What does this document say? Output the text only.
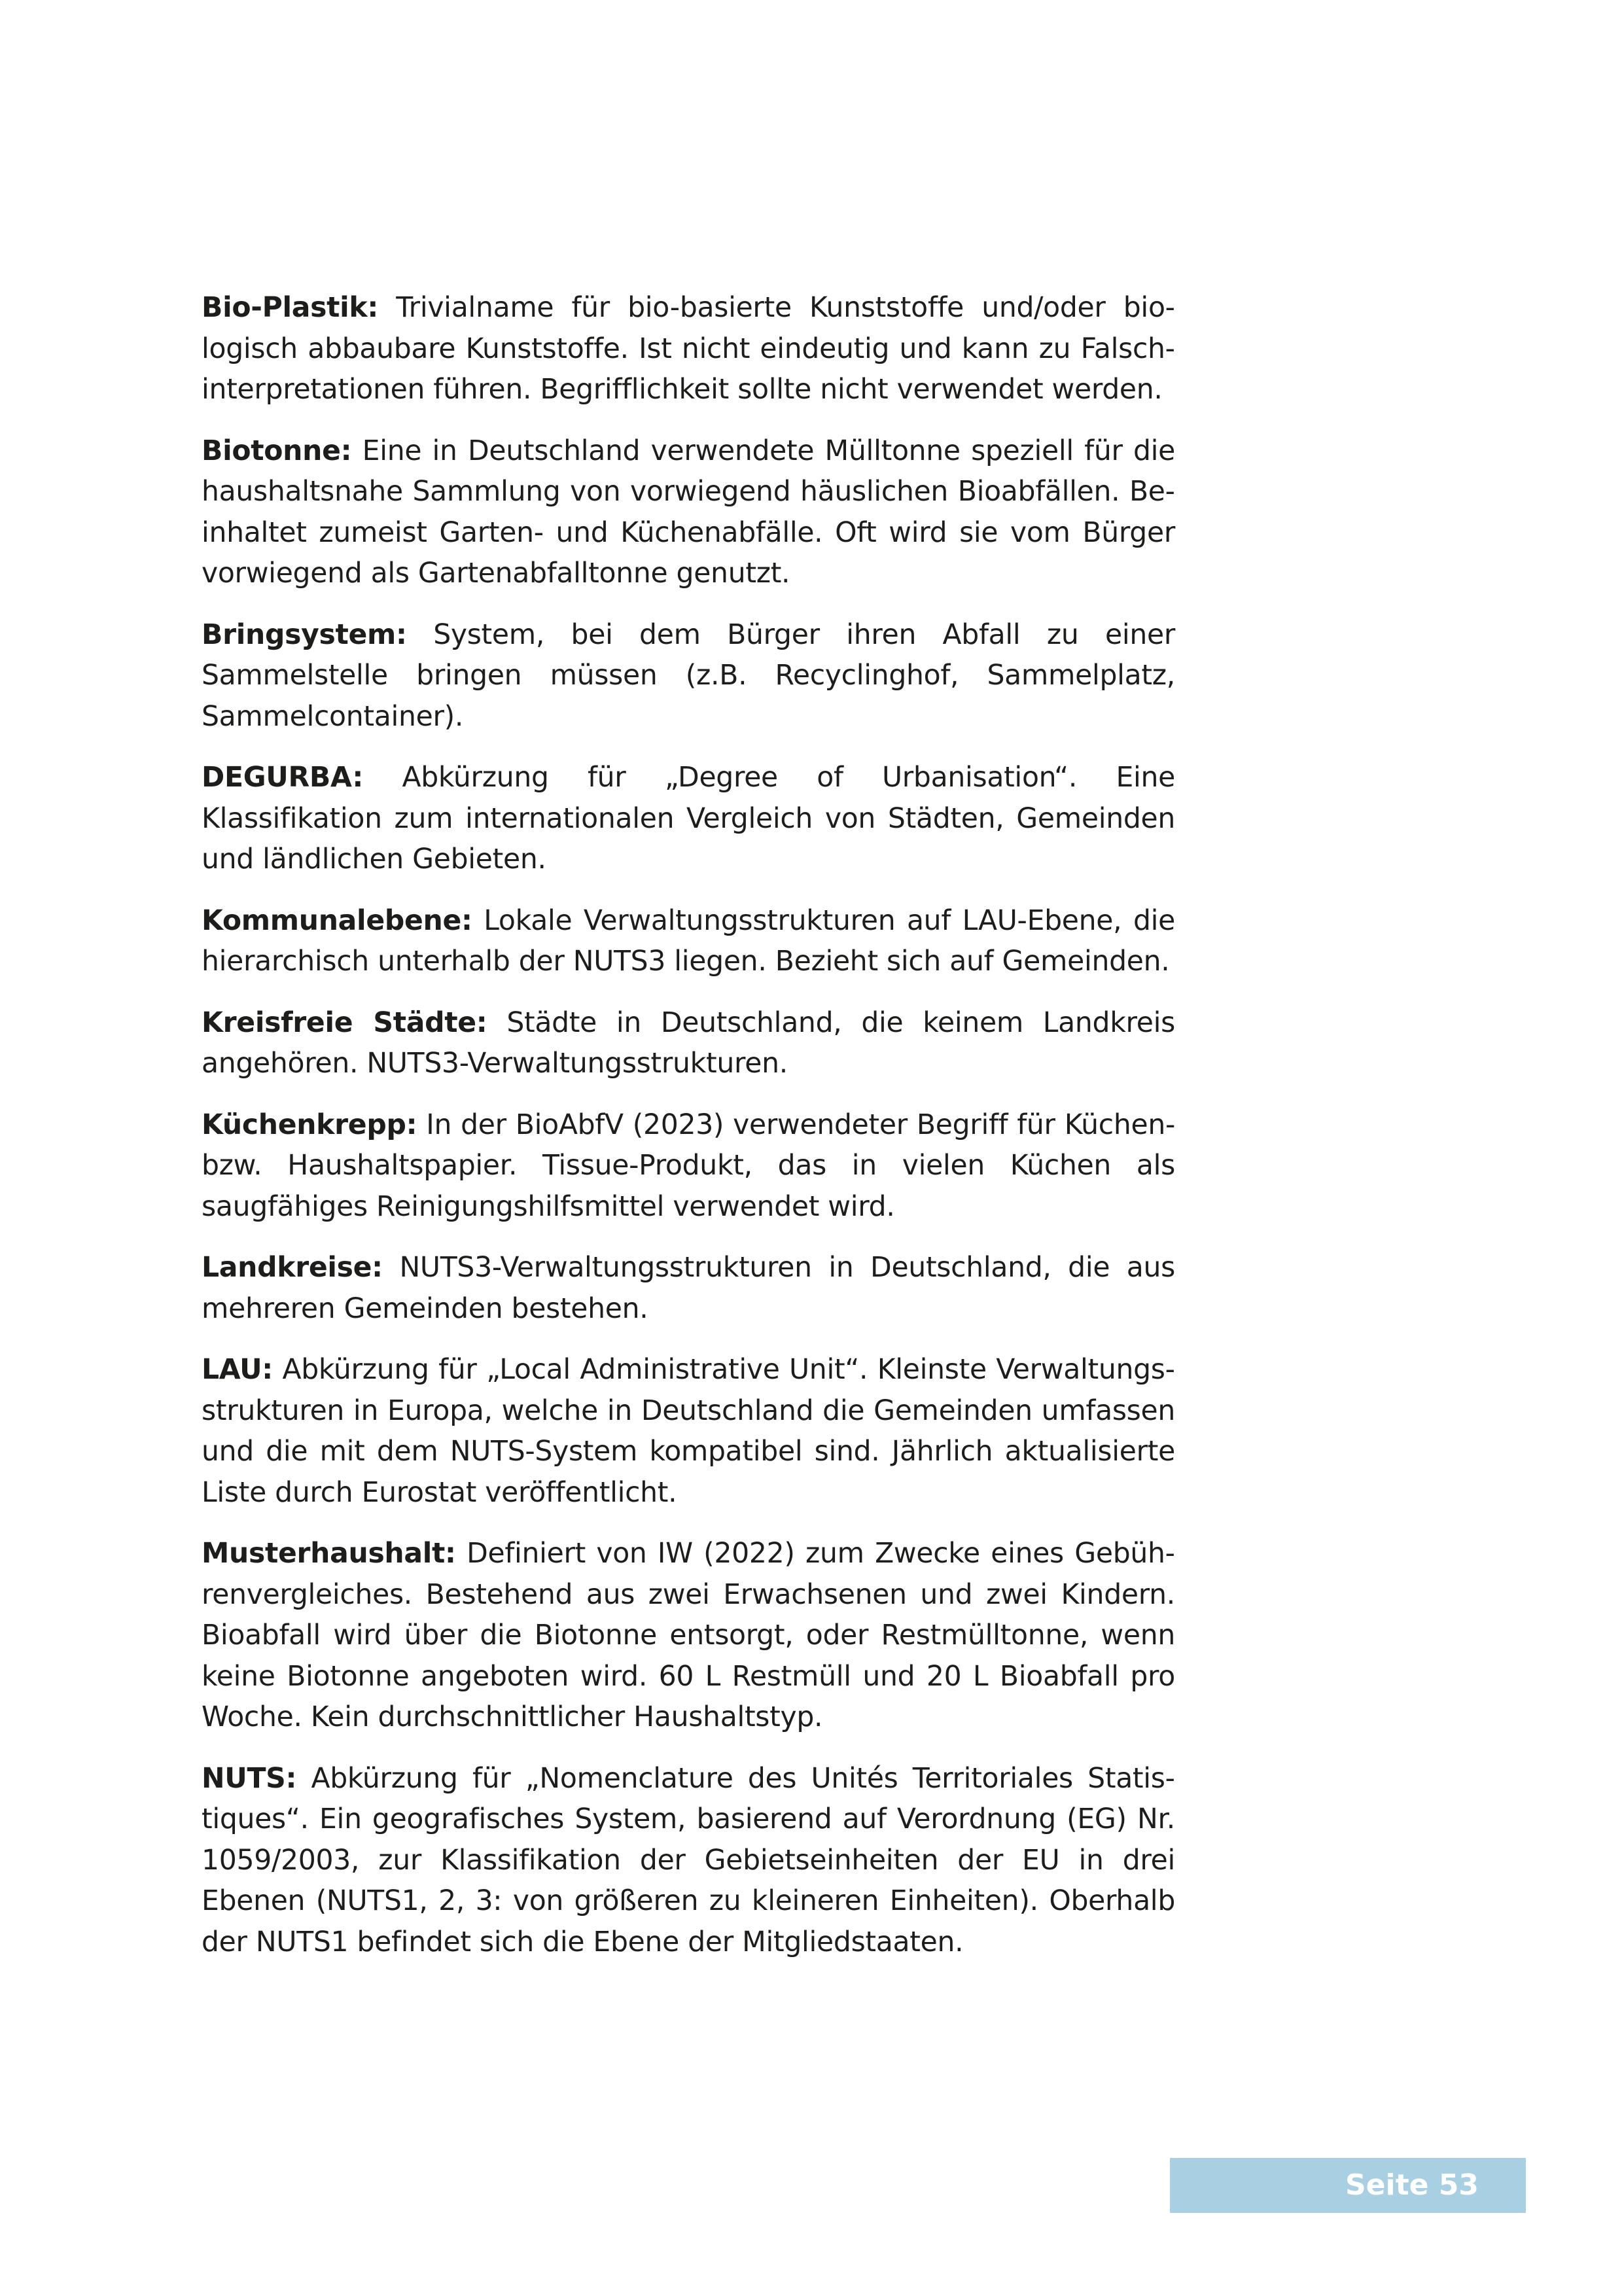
Bio-Plastik: Trivialname für bio-basierte Kunststoffe und/oder biologisch abbaubare Kunststoffe. Ist nicht eindeutig und kann zu Falschinterpretationen führen. Begrifflichkeit sollte nicht verwendet werden.

Biotonne: Eine in Deutschland verwendete Mülltonne speziell für die haushaltsnahe Sammlung von vorwiegend häuslichen Bioabfällen. Beinhaltet zumeist Garten- und Küchenabfälle. Oft wird sie vom Bürger vorwiegend als Gartenabfalltonne genutzt.

Bringsystem: System, bei dem Bürger ihren Abfall zu einer Sammelstelle bringen müssen (z.B. Recyclinghof, Sammelplatz, Sammelcontainer).

DEGURBA: Abkürzung für „Degree of Urbanisation“. Eine Klassifikation zum internationalen Vergleich von Städten, Gemeinden und ländlichen Gebieten.

Kommunalebene: Lokale Verwaltungsstrukturen auf LAU-Ebene, die hierarchisch unterhalb der NUTS3 liegen. Bezieht sich auf Gemeinden.

Kreisfreie Städte: Städte in Deutschland, die keinem Landkreis angehören. NUTS3-Verwaltungsstrukturen.

Küchenkrepp: In der BioAbfV (2023) verwendeter Begriff für Küchen- bzw. Haushaltspapier. Tissue-Produkt, das in vielen Küchen als saugfähiges Reinigungshilfsmittel verwendet wird.

Landkreise: NUTS3-Verwaltungsstrukturen in Deutschland, die aus mehreren Gemeinden bestehen.

LAU: Abkürzung für „Local Administrative Unit“. Kleinste Verwaltungsstrukturen in Europa, welche in Deutschland die Gemeinden umfassen und die mit dem NUTS-System kompatibel sind. Jährlich aktualisierte Liste durch Eurostat veröffentlicht.

Musterhaushalt: Definiert von IW (2022) zum Zwecke eines Gebührenvergleiches. Bestehend aus zwei Erwachsenen und zwei Kindern. Bioabfall wird über die Biotonne entsorgt, oder Restmülltonne, wenn keine Biotonne angeboten wird. 60 L Restmüll und 20 L Bioabfall pro Woche. Kein durchschnittlicher Haushaltstyp.

NUTS: Abkürzung für „Nomenclature des Unités Territoriales Statistiques“. Ein geografisches System, basierend auf Verordnung (EG) Nr. 1059/2003, zur Klassifikation der Gebietseinheiten der EU in drei Ebenen (NUTS1, 2, 3: von größeren zu kleineren Einheiten). Oberhalb der NUTS1 befindet sich die Ebene der Mitgliedstaaten.

Seite 53
